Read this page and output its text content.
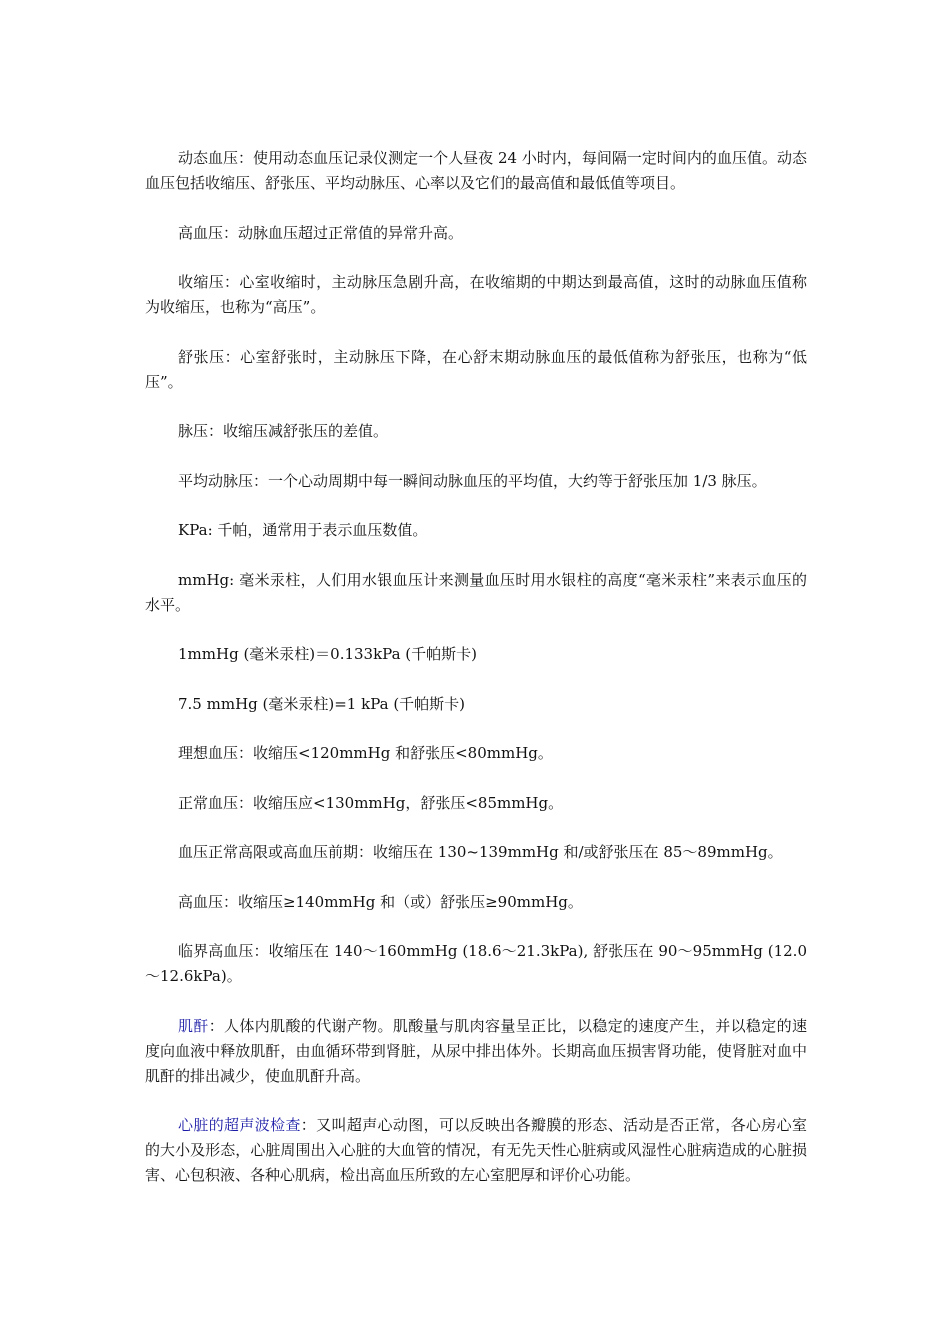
动态血压：使用动态血压记录仪测定一个人昼夜 24 小时内，每间隔一定时间内的血压值。动态血压包括收缩压、舒张压、平均动脉压、心率以及它们的最高值和最低值等项目。

高血压：动脉血压超过正常值的异常升高。

收缩压：心室收缩时，主动脉压急剧升高，在收缩期的中期达到最高值，这时的动脉血压值称为收缩压，也称为“高压”。

舒张压：心室舒张时，主动脉压下降，在心舒末期动脉血压的最低值称为舒张压，也称为“低压”。

脉压：收缩压减舒张压的差值。

平均动脉压：一个心动周期中每一瞬间动脉血压的平均值，大约等于舒张压加 1/3 脉压。

KPa: 千帕，通常用于表示血压数值。

mmHg: 毫米汞柱，人们用水银血压计来测量血压时用水银柱的高度“毫米汞柱”来表示血压的水平。

1mmHg (毫米汞柱)＝0.133kPa (千帕斯卡)

7.5 mmHg (毫米汞柱)=1 kPa (千帕斯卡)

理想血压：收缩压<120mmHg 和舒张压<80mmHg。

正常血压：收缩压应<130mmHg，舒张压<85mmHg。

血压正常高限或高血压前期：收缩压在 130~139mmHg 和/或舒张压在 85～89mmHg。

高血压：收缩压≥140mmHg 和（或）舒张压≥90mmHg。

临界高血压：收缩压在 140～160mmHg (18.6～21.3kPa), 舒张压在 90～95mmHg (12.0～12.6kPa)。

肌酐：人体内肌酸的代谢产物。肌酸量与肌肉容量呈正比，以稳定的速度产生，并以稳定的速度向血液中释放肌酐，由血循环带到肾脏，从尿中排出体外。长期高血压损害肾功能，使肾脏对血中肌酐的排出减少，使血肌酐升高。

心脏的超声波检查：又叫超声心动图，可以反映出各瓣膜的形态、活动是否正常，各心房心室的大小及形态，心脏周围出入心脏的大血管的情况，有无先天性心脏病或风湿性心脏病造成的心脏损害、心包积液、各种心肌病，检出高血压所致的左心室肥厚和评价心功能。
